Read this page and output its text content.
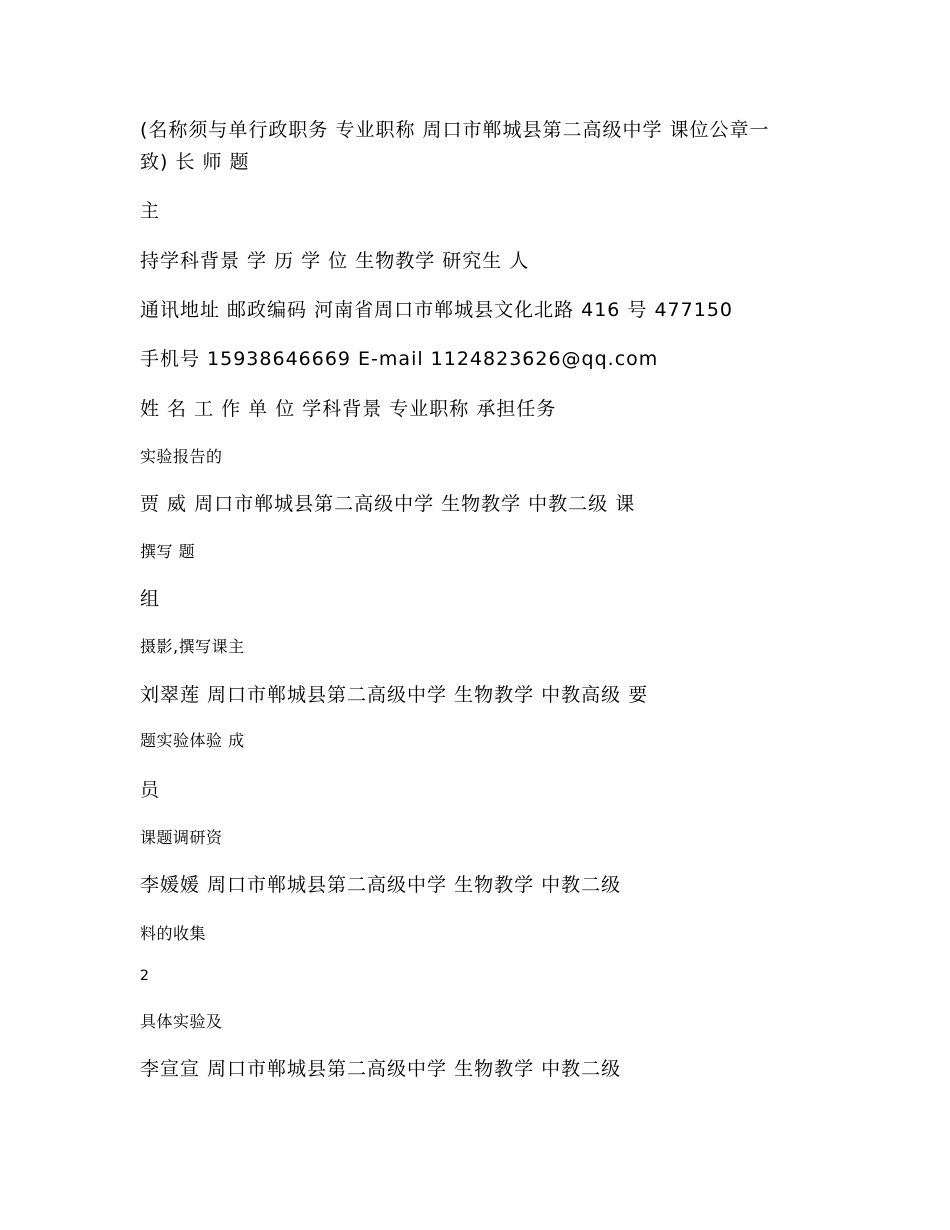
(名称须与单行政职务 专业职称 周口市郸城县第二高级中学 课位公章一
致) 长 师 题
主
持学科背景 学 历 学 位 生物教学 研究生 人
通讯地址 邮政编码 河南省周口市郸城县文化北路 416 号 477150
手机号 15938646669 E-mail 1124823626@qq.com
姓 名 工 作 单 位 学科背景 专业职称 承担任务
实验报告的
贾 威 周口市郸城县第二高级中学 生物教学 中教二级 课
撰写 题
组
摄影,撰写课主
刘翠莲 周口市郸城县第二高级中学 生物教学 中教高级 要
题实验体验 成
员
课题调研资
李媛媛 周口市郸城县第二高级中学 生物教学 中教二级
料的收集
2
具体实验及
李宣宣 周口市郸城县第二高级中学 生物教学 中教二级
